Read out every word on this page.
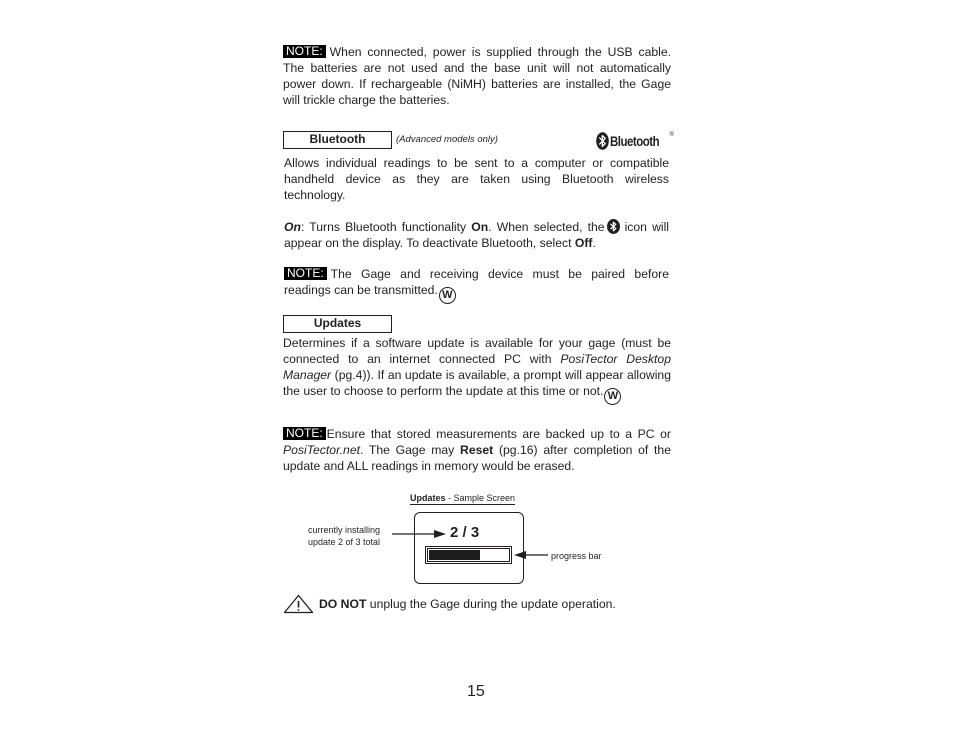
NOTE: When connected, power is supplied through the USB cable. The batteries are not used and the base unit will not automatically power down. If rechargeable (NiMH) batteries are installed, the Gage will trickle charge the batteries.

Bluetooth	(Advanced models only)	Bluetooth ®

Allows individual readings to be sent to a computer or compatible handheld device as they are taken using Bluetooth wireless technology.

On: Turns Bluetooth functionality On. When selected, the icon will appear on the display. To deactivate Bluetooth, select Off.

NOTE: The Gage and receiving device must be paired before readings can be transmitted. W

Updates

Determines if a software update is available for your gage (must be connected to an internet connected PC with PosiTector Desktop Manager (pg.4)). If an update is available, a prompt will appear allowing the user to choose to perform the update at this time or not. W

NOTE: Ensure that stored measurements are backed up to a PC or PosiTector.net. The Gage may Reset (pg.16) after completion of the update and ALL readings in memory would be erased.

Updates - Sample Screen
2 / 3
currently installing
update 2 of 3 total
progress bar
DO NOT unplug the Gage during the update operation.
15
